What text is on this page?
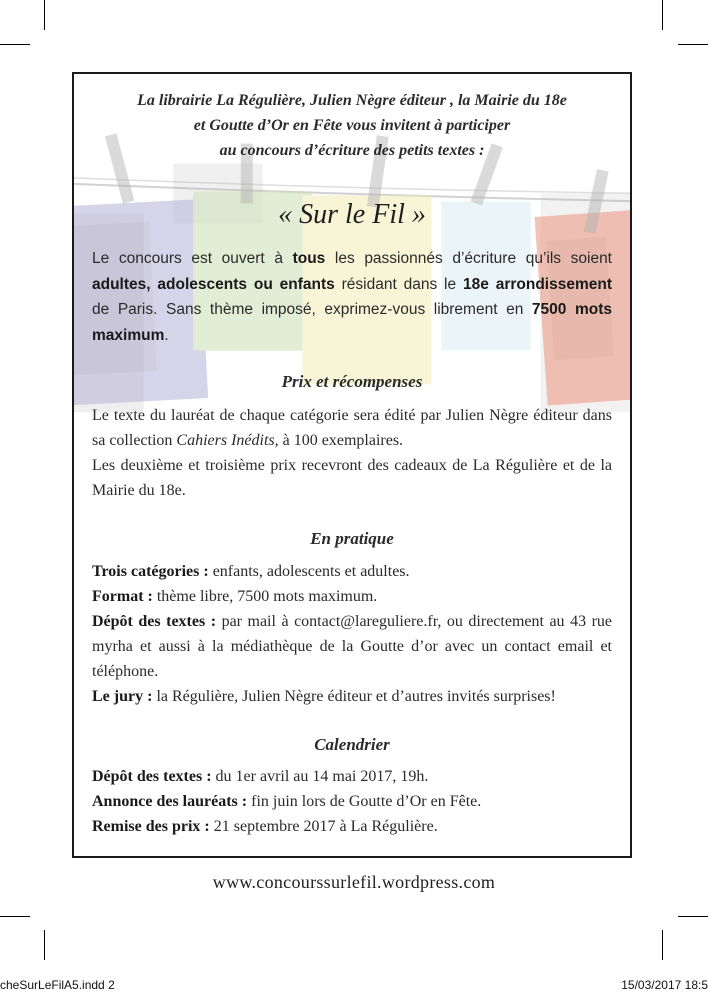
La librairie La Régulière, Julien Nègre éditeur , la Mairie du 18e
et Goutte d’Or en Fête vous invitent à participer
au concours d’écriture des petits textes :
« Sur le Fil »
Le concours est ouvert à tous les passionnés d’écriture qu’ils soient adultes, adolescents ou enfants résidant dans le 18e arrondissement de Paris. Sans thème imposé, exprimez-vous librement en 7500 mots maximum.
Prix et récompenses
Le texte du lauréat de chaque catégorie sera édité par Julien Nègre éditeur dans sa collection Cahiers Inédits, à 100 exemplaires.
Les deuxième et troisième prix recevront des cadeaux de La Régulière et de la Mairie du 18e.
En pratique
Trois catégories : enfants, adolescents et adultes.
Format : thème libre, 7500 mots maximum.
Dépôt des textes : par mail à contact@lareguliere.fr, ou directement au 43 rue myrha et aussi à la médiathèque de la Goutte d’or avec un contact email et téléphone.
Le jury : la Régulière, Julien Nègre éditeur et d’autres invités surprises!
Calendrier
Dépôt des textes : du 1er avril au 14 mai 2017, 19h.
Annonce des lauréats : fin juin lors de Goutte d’Or en Fête.
Remise des prix : 21 septembre 2017 à La Régulière.
www.concourssurlefil.wordpress.com
cheSurLeFilA5.indd 2	15/03/2017 18:5
